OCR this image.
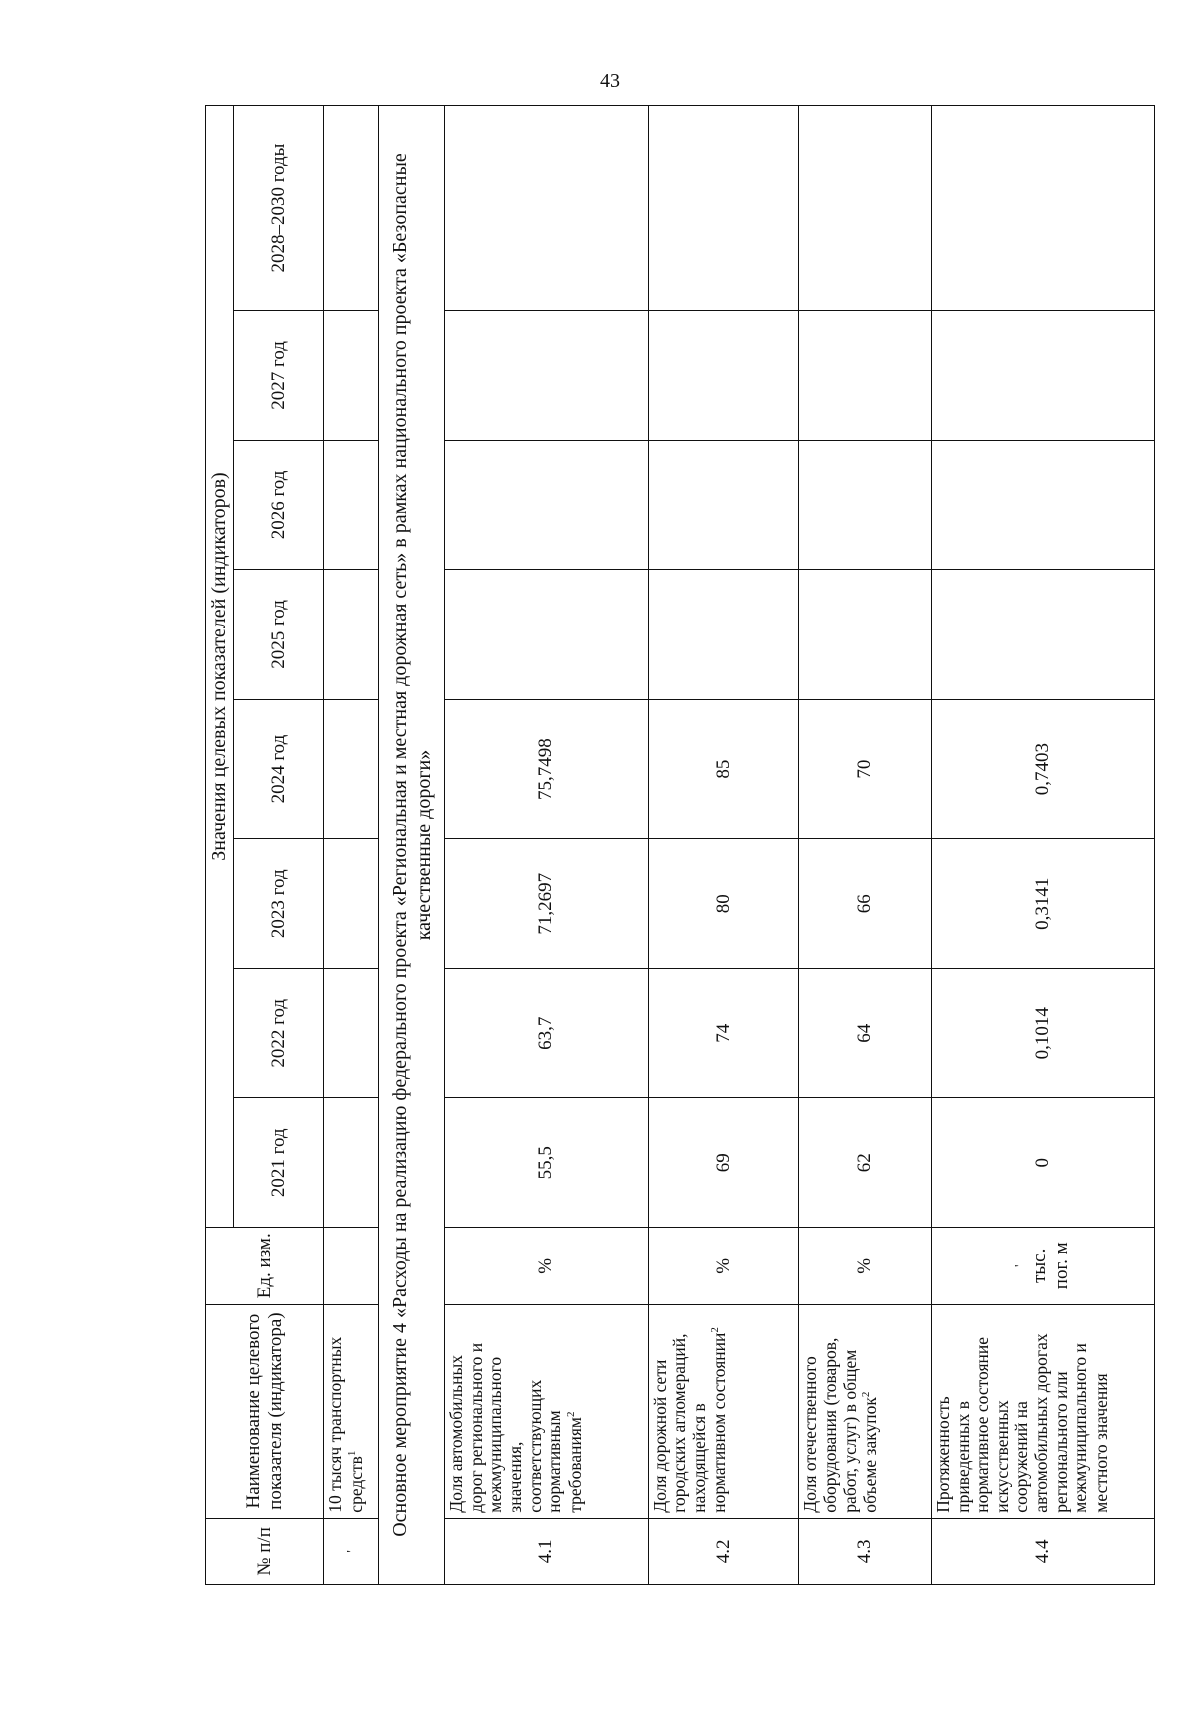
43
№ п/п	Наименование целевого показателя (индикатора)	Ед. изм.	Значения целевых показателей (индикаторов)							
			2021 год	2022 год	2023 год	2024 год	2025 год	2026 год	2027 год	2028–2030 годы
'	10 тысяч транспортных средств$^1$									
Основное мероприятие 4 «Расходы на реализацию федерального проекта «Региональная и местная дорожная сеть» в рамках национального проекта «Безопасные качественные дороги»										
4.1	Доля автомобильных дорог регионального и межмуниципального значения, соответствующих нормативным требованиям$^2$	%	55,5	63,7	71,2697	75,7498				
4.2	Доля дорожной сети городских агломераций, находящейся в нормативном состоянии$^2$	%	69	74	80	85				
4.3	Доля отечественного оборудования (товаров, работ, услуг) в общем объеме закупок$^2$	%	62	64	66	70				
4.4	Протяженность приведенных в нормативное состояние искусственных сооружений на автомобильных дорогах регионального или межмуниципального и местного значения	' тыс. пог. м	0	0,1014	0,3141	0,7403				
